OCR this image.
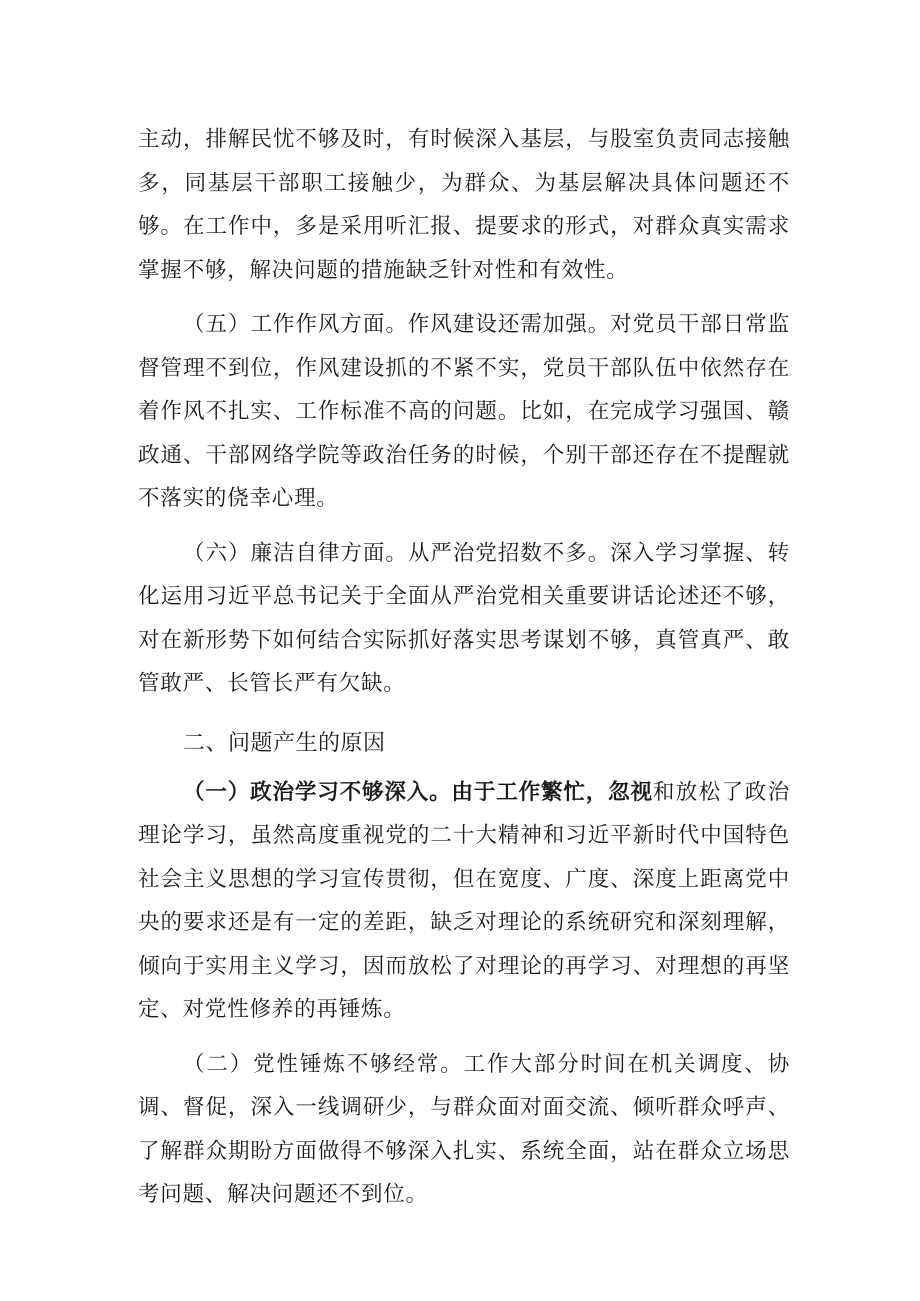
主动，排解民忧不够及时，有时候深入基层，与股室负责同志接触多，同基层干部职工接触少，为群众、为基层解决具体问题还不够。在工作中，多是采用听汇报、提要求的形式，对群众真实需求掌握不够，解决问题的措施缺乏针对性和有效性。

（五）工作作风方面。作风建设还需加强。对党员干部日常监督管理不到位，作风建设抓的不紧不实，党员干部队伍中依然存在着作风不扎实、工作标准不高的问题。比如，在完成学习强国、赣政通、干部网络学院等政治任务的时候，个别干部还存在不提醒就不落实的侥幸心理。

（六）廉洁自律方面。从严治党招数不多。深入学习掌握、转化运用习近平总书记关于全面从严治党相关重要讲话论述还不够，对在新形势下如何结合实际抓好落实思考谋划不够，真管真严、敢管敢严、长管长严有欠缺。

二、问题产生的原因

（一）政治学习不够深入。由于工作繁忙，忽视和放松了政治理论学习，虽然高度重视党的二十大精神和习近平新时代中国特色社会主义思想的学习宣传贯彻，但在宽度、广度、深度上距离党中央的要求还是有一定的差距，缺乏对理论的系统研究和深刻理解，倾向于实用主义学习，因而放松了对理论的再学习、对理想的再坚定、对党性修养的再锤炼。

（二）党性锤炼不够经常。工作大部分时间在机关调度、协调、督促，深入一线调研少，与群众面对面交流、倾听群众呼声、了解群众期盼方面做得不够深入扎实、系统全面，站在群众立场思考问题、解决问题还不到位。
